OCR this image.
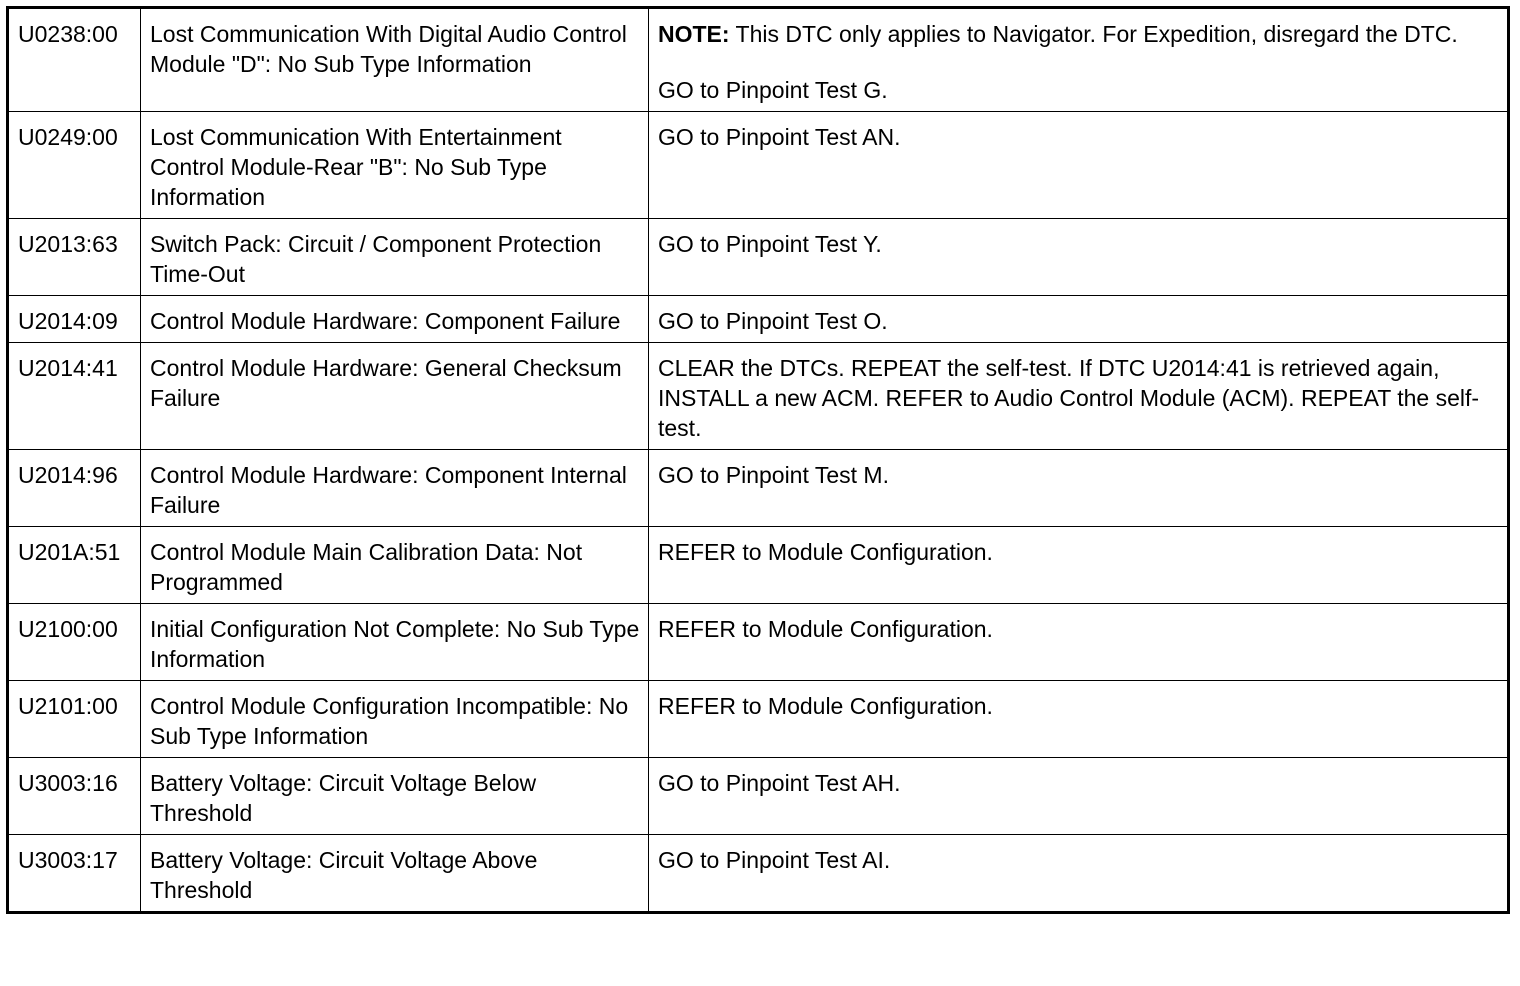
U0238:00	Lost Communication With Digital Audio Control Module "D": No Sub Type Information	NOTE: This DTC only applies to Navigator. For Expedition, disregard the DTC.
GO to Pinpoint Test G.

U0249:00	Lost Communication With Entertainment Control Module-Rear "B": No Sub Type Information	GO to Pinpoint Test AN.
U2013:63	Switch Pack: Circuit / Component Protection Time-Out	GO to Pinpoint Test Y.
U2014:09	Control Module Hardware: Component Failure	GO to Pinpoint Test O.
U2014:41	Control Module Hardware: General Checksum Failure	CLEAR the DTCs. REPEAT the self-test. If DTC U2014:41 is retrieved again, INSTALL a new ACM. REFER to Audio Control Module (ACM). REPEAT the self-test.
U2014:96	Control Module Hardware: Component Internal Failure	GO to Pinpoint Test M.
U201A:51	Control Module Main Calibration Data: Not Programmed	REFER to Module Configuration.
U2100:00	Initial Configuration Not Complete: No Sub Type Information	REFER to Module Configuration.
U2101:00	Control Module Configuration Incompatible: No Sub Type Information	REFER to Module Configuration.
U3003:16	Battery Voltage: Circuit Voltage Below Threshold	GO to Pinpoint Test AH.
U3003:17	Battery Voltage: Circuit Voltage Above Threshold	GO to Pinpoint Test AI.
